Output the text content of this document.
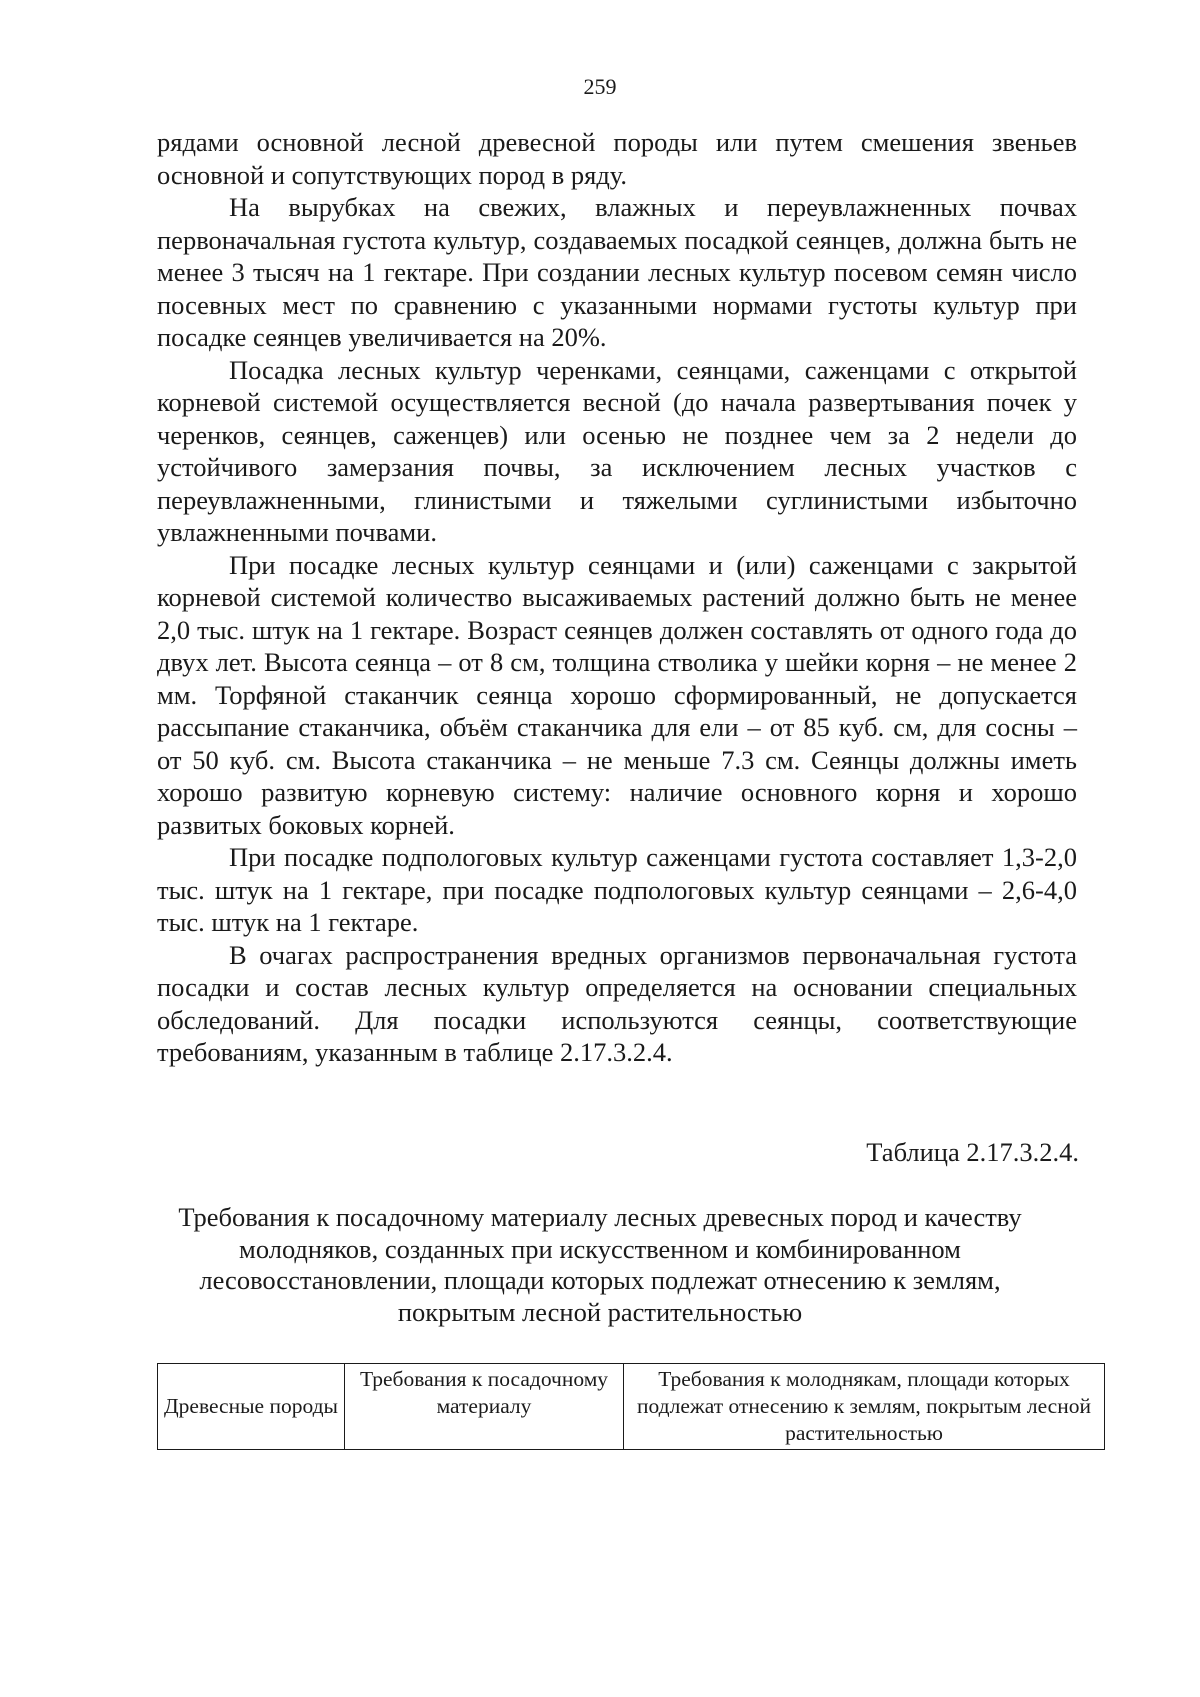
259

рядами основной лесной древесной породы или путем смешения звеньев основной и сопутствующих пород в ряду.

На вырубках на свежих, влажных и переувлажненных почвах первоначальная густота культур, создаваемых посадкой сеянцев, должна быть не менее 3 тысяч на 1 гектаре. При создании лесных культур посевом семян число посевных мест по сравнению с указанными нормами густоты культур при посадке сеянцев увеличивается на 20%.

Посадка лесных культур черенками, сеянцами, саженцами с открытой корневой системой осуществляется весной (до начала развертывания почек у черенков, сеянцев, саженцев) или осенью не позднее чем за 2 недели до устойчивого замерзания почвы, за исключением лесных участков с переувлажненными, глинистыми и тяжелыми суглинистыми избыточно увлажненными почвами.

При посадке лесных культур сеянцами и (или) саженцами с закрытой корневой системой количество высаживаемых растений должно быть не менее 2,0 тыс. штук на 1 гектаре. Возраст сеянцев должен составлять от одного года до двух лет. Высота сеянца – от 8 см, толщина стволика у шейки корня – не менее 2 мм. Торфяной стаканчик сеянца хорошо сформированный, не допускается рассыпание стаканчика, объём стаканчика для ели – от 85 куб. см, для сосны – от 50 куб. см. Высота стаканчика – не меньше 7.3 см. Сеянцы должны иметь хорошо развитую корневую систему: наличие основного корня и хорошо развитых боковых корней.

При посадке подпологовых культур саженцами густота составляет 1,3-2,0 тыс. штук на 1 гектаре, при посадке подпологовых культур сеянцами – 2,6-4,0 тыс. штук на 1 гектаре.

В очагах распространения вредных организмов первоначальная густота посадки и состав лесных культур определяется на основании специальных обследований. Для посадки используются сеянцы, соответствующие требованиям, указанным в таблице 2.17.3.2.4.

Таблица 2.17.3.2.4.
Требования к посадочному материалу лесных древесных пород и качеству молодняков, созданных при искусственном и комбинированном лесовосстановлении, площади которых подлежат отнесению к землям, покрытым лесной растительностью
Древесные породы	Требования к посадочному материалу	Требования к молоднякам, площади которых подлежат отнесению к землям, покрытым лесной растительностью
